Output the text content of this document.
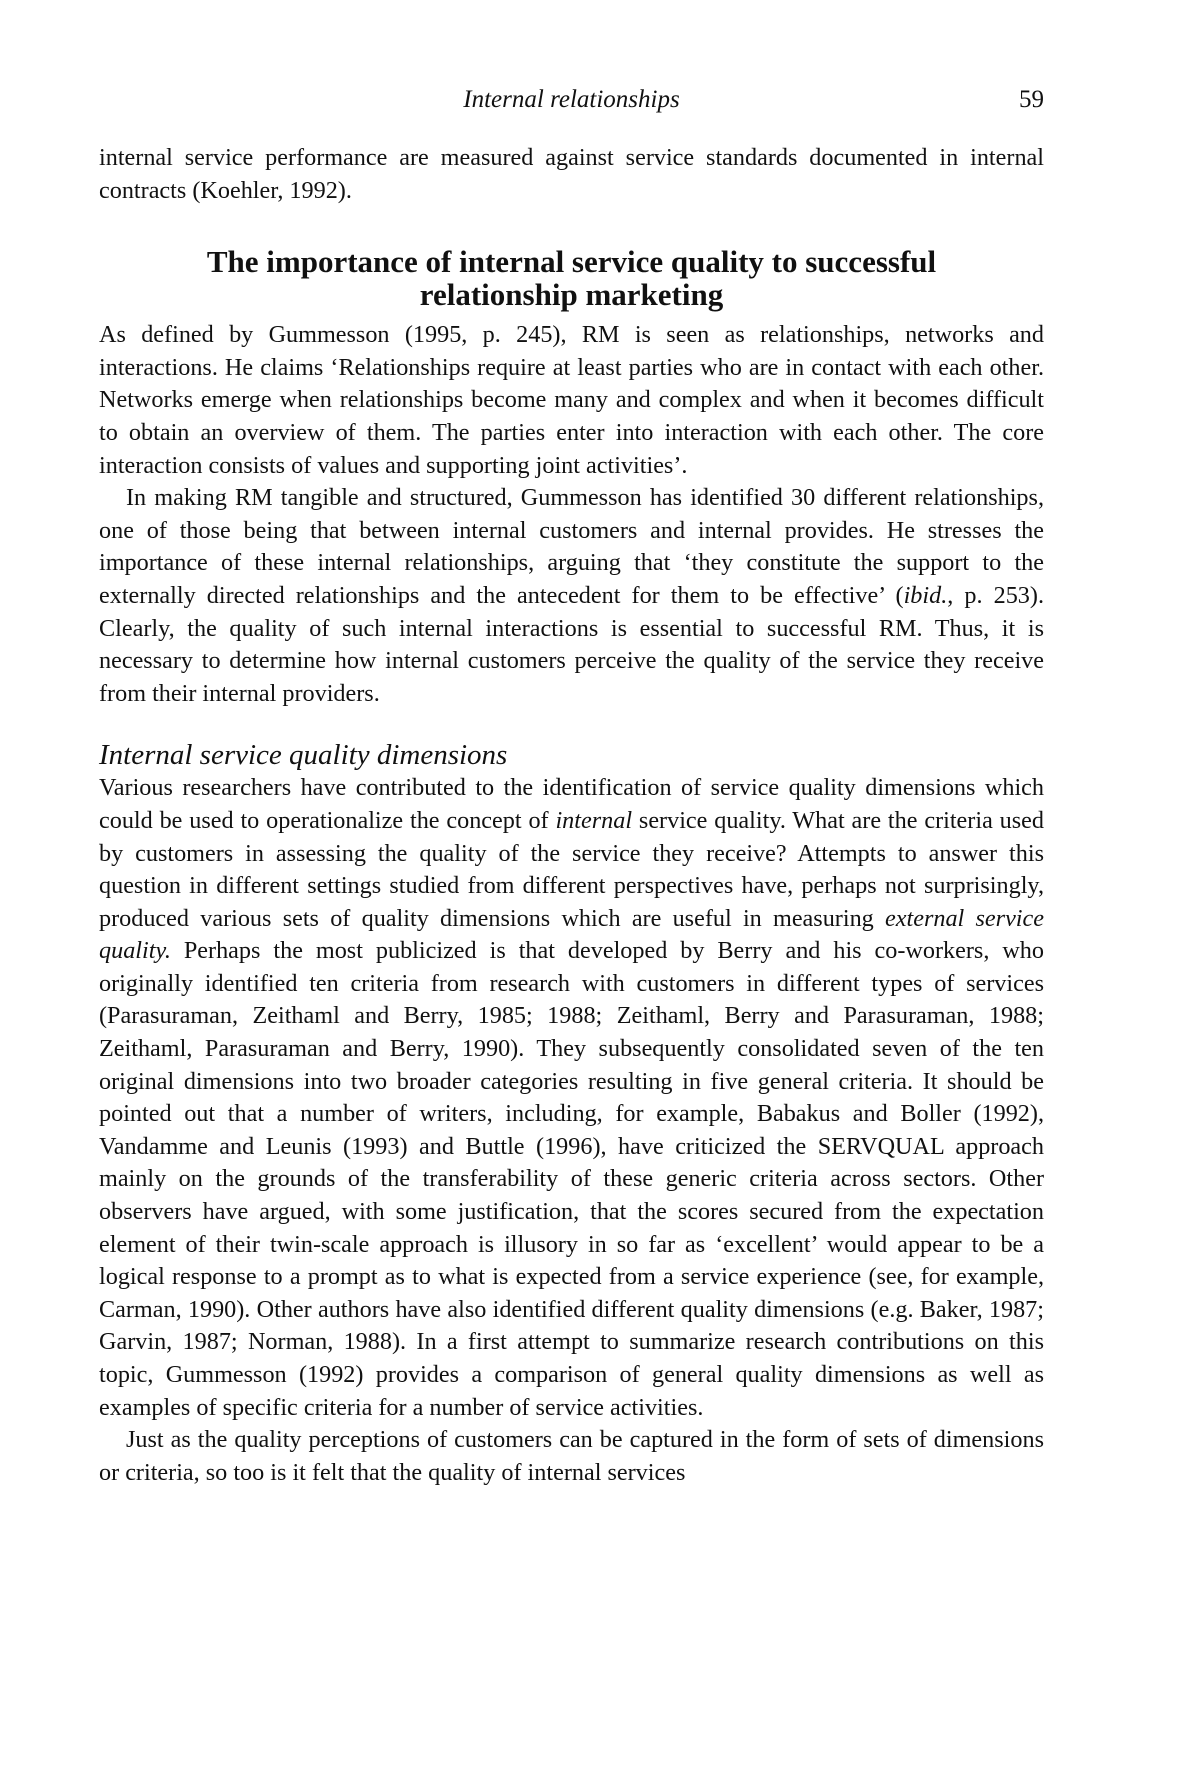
Internal relationships	59

internal service performance are measured against service standards documented in internal contracts (Koehler, 1992).

The importance of internal service quality to successful
relationship marketing

As defined by Gummesson (1995, p. 245), RM is seen as relationships, networks and interactions. He claims ‘Relationships require at least parties who are in contact with each other. Networks emerge when relationships become many and complex and when it becomes difficult to obtain an overview of them. The parties enter into interaction with each other. The core interaction consists of values and supporting joint activities’.

In making RM tangible and structured, Gummesson has identified 30 different relationships, one of those being that between internal customers and internal provides. He stresses the importance of these internal relationships, arguing that ‘they constitute the support to the externally directed relationships and the antecedent for them to be effective’ (ibid., p. 253). Clearly, the quality of such internal interactions is essential to successful RM. Thus, it is necessary to determine how internal customers perceive the quality of the service they receive from their internal providers.

Internal service quality dimensions

Various researchers have contributed to the identification of service quality dimensions which could be used to operationalize the concept of internal service quality. What are the criteria used by customers in assessing the quality of the service they receive? Attempts to answer this question in different settings studied from different perspectives have, perhaps not surprisingly, produced various sets of quality dimensions which are useful in measuring external service quality. Perhaps the most publicized is that developed by Berry and his co-workers, who originally identified ten criteria from research with customers in different types of services (Parasuraman, Zeithaml and Berry, 1985; 1988; Zeithaml, Berry and Parasuraman, 1988; Zeithaml, Parasuraman and Berry, 1990). They subsequently consolidated seven of the ten original dimensions into two broader categories resulting in five general criteria. It should be pointed out that a number of writers, including, for example, Babakus and Boller (1992), Vandamme and Leunis (1993) and Buttle (1996), have criticized the SERVQUAL approach mainly on the grounds of the transferability of these generic criteria across sectors. Other observers have argued, with some justification, that the scores secured from the expectation element of their twin-scale approach is illusory in so far as ‘excellent’ would appear to be a logical response to a prompt as to what is expected from a service experience (see, for example, Carman, 1990). Other authors have also identified different quality dimensions (e.g. Baker, 1987; Garvin, 1987; Norman, 1988). In a first attempt to summarize research contributions on this topic, Gummesson (1992) provides a comparison of general quality dimensions as well as examples of specific criteria for a number of service activities.

Just as the quality perceptions of customers can be captured in the form of sets of dimensions or criteria, so too is it felt that the quality of internal services
